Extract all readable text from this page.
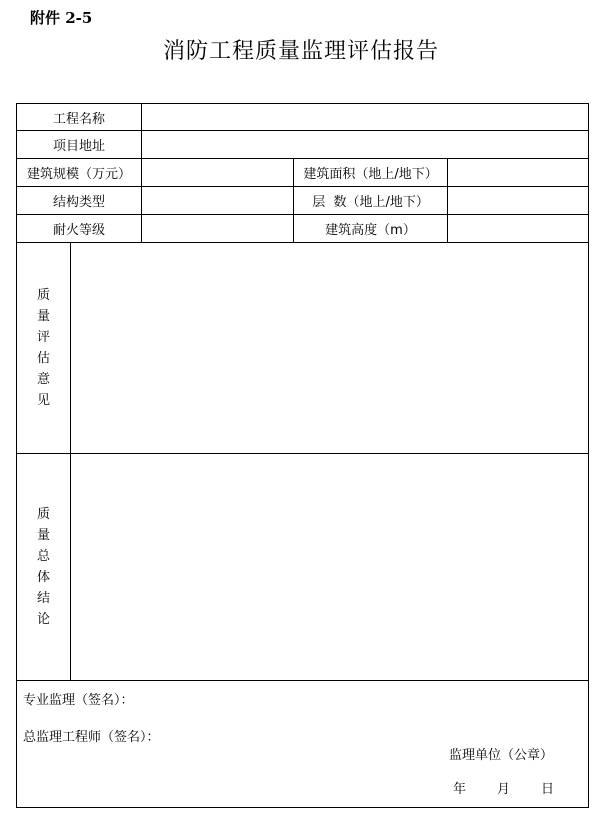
附件 2-5
消防工程质量监理评估报告
工程名称				
项目地址				
建筑规模（万元）			建筑面积（地上/地下）	
结构类型			层  数（地上/地下）	
耐火等级			建筑高度（m）	
质量评估意见				
质量总体结论				

专业监理（签名）：
总监理工程师（签名）：
监理单位（公章）
年 月 日				
